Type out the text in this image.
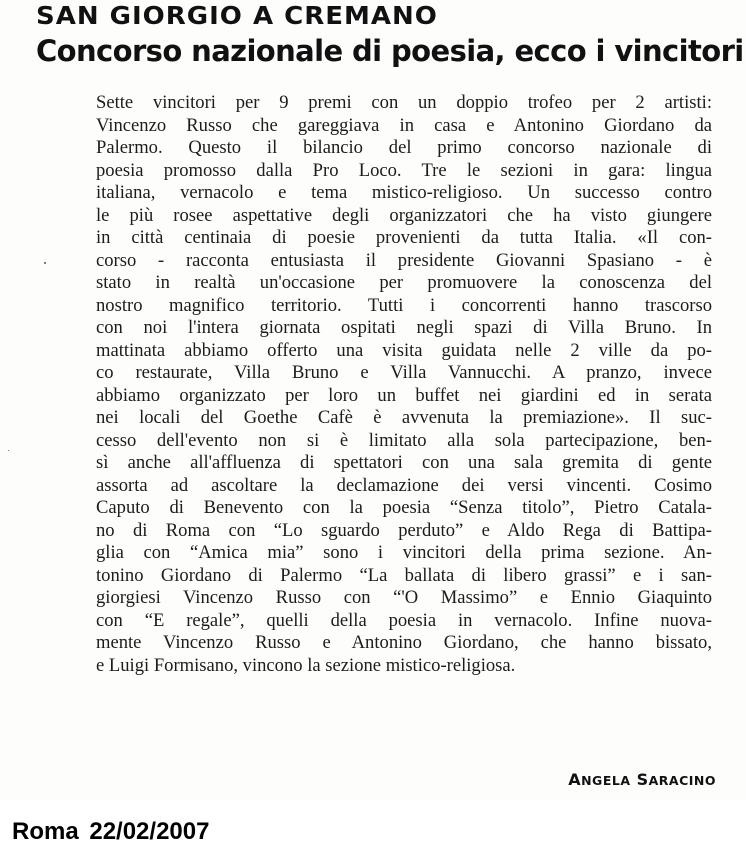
SAN GIORGIO A CREMANO
Concorso nazionale di poesia, ecco i vincitori

Sette vincitori per 9 premi con un doppio trofeo per 2 artisti:
Vincenzo Russo che gareggiava in casa e Antonino Giordano da
Palermo. Questo il bilancio del primo concorso nazionale di
poesia promosso dalla Pro Loco. Tre le sezioni in gara: lingua
italiana, vernacolo e tema mistico-religioso. Un successo contro
le più rosee aspettative degli organizzatori che ha visto giungere
in città centinaia di poesie provenienti da tutta Italia. «Il con-
corso - racconta entusiasta il presidente Giovanni Spasiano - è
stato in realtà un'occasione per promuovere la conoscenza del
nostro magnifico territorio. Tutti i concorrenti hanno trascorso
con noi l'intera giornata ospitati negli spazi di Villa Bruno. In
mattinata abbiamo offerto una visita guidata nelle 2 ville da po-
co restaurate, Villa Bruno e Villa Vannucchi. A pranzo, invece
abbiamo organizzato per loro un buffet nei giardini ed in serata
nei locali del Goethe Cafè è avvenuta la premiazione». Il suc-
cesso dell'evento non si è limitato alla sola partecipazione, ben-
sì anche all'affluenza di spettatori con una sala gremita di gente
assorta ad ascoltare la declamazione dei versi vincenti. Cosimo
Caputo di Benevento con la poesia “Senza titolo”, Pietro Catala-
no di Roma con “Lo sguardo perduto” e Aldo Rega di Battipa-
glia con “Amica mia” sono i vincitori della prima sezione. An-
tonino Giordano di Palermo “La ballata di libero grassi” e i san-
giorgiesi Vincenzo Russo con “'O Massimo” e Ennio Giaquinto
con “E regale”, quelli della poesia in vernacolo. Infine nuova-
mente Vincenzo Russo e Antonino Giordano, che hanno bissato,
e Luigi Formisano, vincono la sezione mistico-religiosa.

ANGELA SARACINO
Roma 22/02/2007
